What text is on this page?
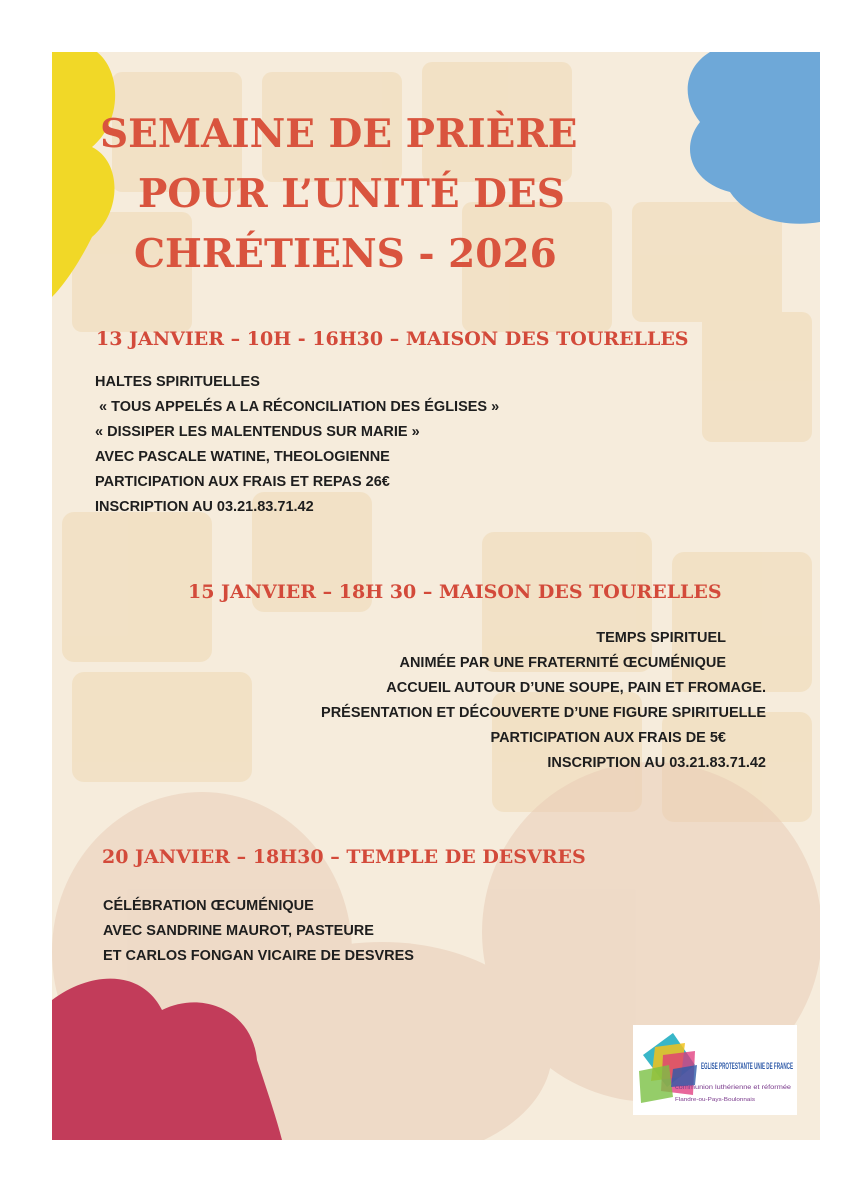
SEMAINE DE PRIÈRE
POUR L’UNITÉ DES
CHRÉTIENS - 2026
13 JANVIER – 10H - 16H30 – MAISON DES TOURELLES
HALTES SPIRITUELLES
« TOUS APPELÉS A LA RÉCONCILIATION DES ÉGLISES »
« DISSIPER LES MALENTENDUS SUR MARIE »
AVEC PASCALE WATINE, THEOLOGIENNE
PARTICIPATION AUX FRAIS ET REPAS 26€
INSCRIPTION AU 03.21.83.71.42
15 JANVIER – 18H 30 – MAISON DES TOURELLES
TEMPS SPIRITUEL
ANIMÉE PAR UNE FRATERNITÉ ŒCUMÉNIQUE
ACCUEIL AUTOUR D’UNE SOUPE, PAIN ET FROMAGE.
PRÉSENTATION ET DÉCOUVERTE D’UNE FIGURE SPIRITUELLE
PARTICIPATION AUX FRAIS DE 5€
INSCRIPTION AU 03.21.83.71.42
20 JANVIER – 18H30 – TEMPLE DE DESVRES
CÉLÉBRATION ŒCUMÉNIQUE
AVEC SANDRINE MAUROT, PASTEURE
ET CARLOS FONGAN VICAIRE DE DESVRES
EGLISE PROTESTANTE UNIE DE FRANCE
communion luthérienne et réformée
Flandre-ou-Pays-Boulonnais
